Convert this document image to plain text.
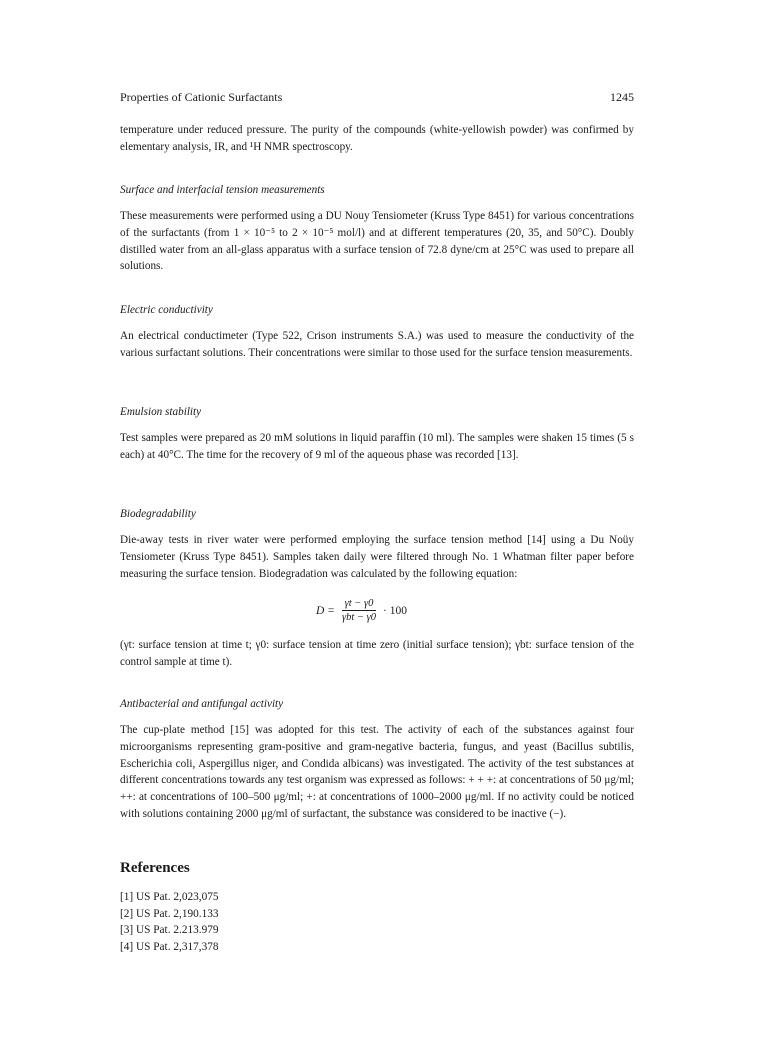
Properties of Cationic Surfactants	1245

temperature under reduced pressure. The purity of the compounds (white-yellowish powder) was confirmed by elementary analysis, IR, and ¹H NMR spectroscopy.

Surface and interfacial tension measurements

These measurements were performed using a DU Nouy Tensiometer (Kruss Type 8451) for various concentrations of the surfactants (from 1 × 10⁻⁵ to 2 × 10⁻⁵ mol/l) and at different temperatures (20, 35, and 50°C). Doubly distilled water from an all-glass apparatus with a surface tension of 72.8 dyne/cm at 25°C was used to prepare all solutions.

Electric conductivity

An electrical conductimeter (Type 522, Crison instruments S.A.) was used to measure the conductivity of the various surfactant solutions. Their concentrations were similar to those used for the surface tension measurements.

Emulsion stability

Test samples were prepared as 20 mM solutions in liquid paraffin (10 ml). The samples were shaken 15 times (5 s each) at 40°C. The time for the recovery of 9 ml of the aqueous phase was recorded [13].

Biodegradability

Die-away tests in river water were performed employing the surface tension method [14] using a Du Noüy Tensiometer (Kruss Type 8451). Samples taken daily were filtered through No. 1 Whatman filter paper before measuring the surface tension. Biodegradation was calculated by the following equation:

$D = \frac{\gamma t - \gamma 0}{\text{γbt − γ0}} \cdot 100$

(γt: surface tension at time t; γ0: surface tension at time zero (initial surface tension); γbt: surface tension of the control sample at time t).

Antibacterial and antifungal activity

The cup-plate method [15] was adopted for this test. The activity of each of the substances against four microorganisms representing gram-positive and gram-negative bacteria, fungus, and yeast (Bacillus subtilis, Escherichia coli, Aspergillus niger, and Condida albicans) was investigated. The activity of the test substances at different concentrations towards any test organism was expressed as follows: + + +: at concentrations of 50 μg/ml; ++: at concentrations of 100–500 μg/ml; +: at concentrations of 1000–2000 μg/ml. If no activity could be noticed with solutions containing 2000 μg/ml of surfactant, the substance was considered to be inactive (−).

References
[1] US Pat. 2,023,075
[2] US Pat. 2,190.133
[3] US Pat. 2.213.979
[4] US Pat. 2,317,378
